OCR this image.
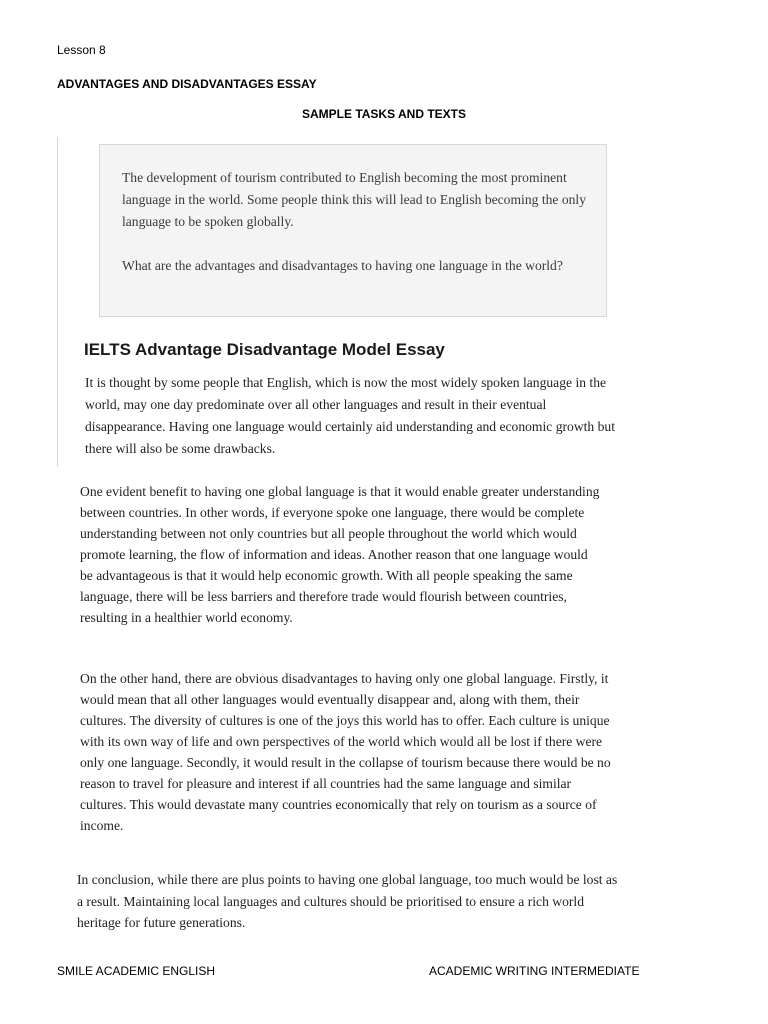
Lesson 8
ADVANTAGES AND DISADVANTAGES ESSAY
SAMPLE TASKS AND TEXTS

The development of tourism contributed to English becoming the most prominent language in the world. Some people think this will lead to English becoming the only language to be spoken globally.

What are the advantages and disadvantages to having one language in the world?

IELTS Advantage Disadvantage Model Essay

It is thought by some people that English, which is now the most widely spoken language in the world, may one day predominate over all other languages and result in their eventual disappearance. Having one language would certainly aid understanding and economic growth but there will also be some drawbacks.

One evident benefit to having one global language is that it would enable greater understanding between countries. In other words, if everyone spoke one language, there would be complete understanding between not only countries but all people throughout the world which would promote learning, the flow of information and ideas. Another reason that one language would be advantageous is that it would help economic growth. With all people speaking the same language, there will be less barriers and therefore trade would flourish between countries, resulting in a healthier world economy.

On the other hand, there are obvious disadvantages to having only one global language. Firstly, it would mean that all other languages would eventually disappear and, along with them, their cultures. The diversity of cultures is one of the joys this world has to offer. Each culture is unique with its own way of life and own perspectives of the world which would all be lost if there were only one language. Secondly, it would result in the collapse of tourism because there would be no reason to travel for pleasure and interest if all countries had the same language and similar cultures. This would devastate many countries economically that rely on tourism as a source of income.

In conclusion, while there are plus points to having one global language, too much would be lost as a result. Maintaining local languages and cultures should be prioritised to ensure a rich world heritage for future generations.

SMILE ACADEMIC ENGLISH	ACADEMIC WRITING INTERMEDIATE
